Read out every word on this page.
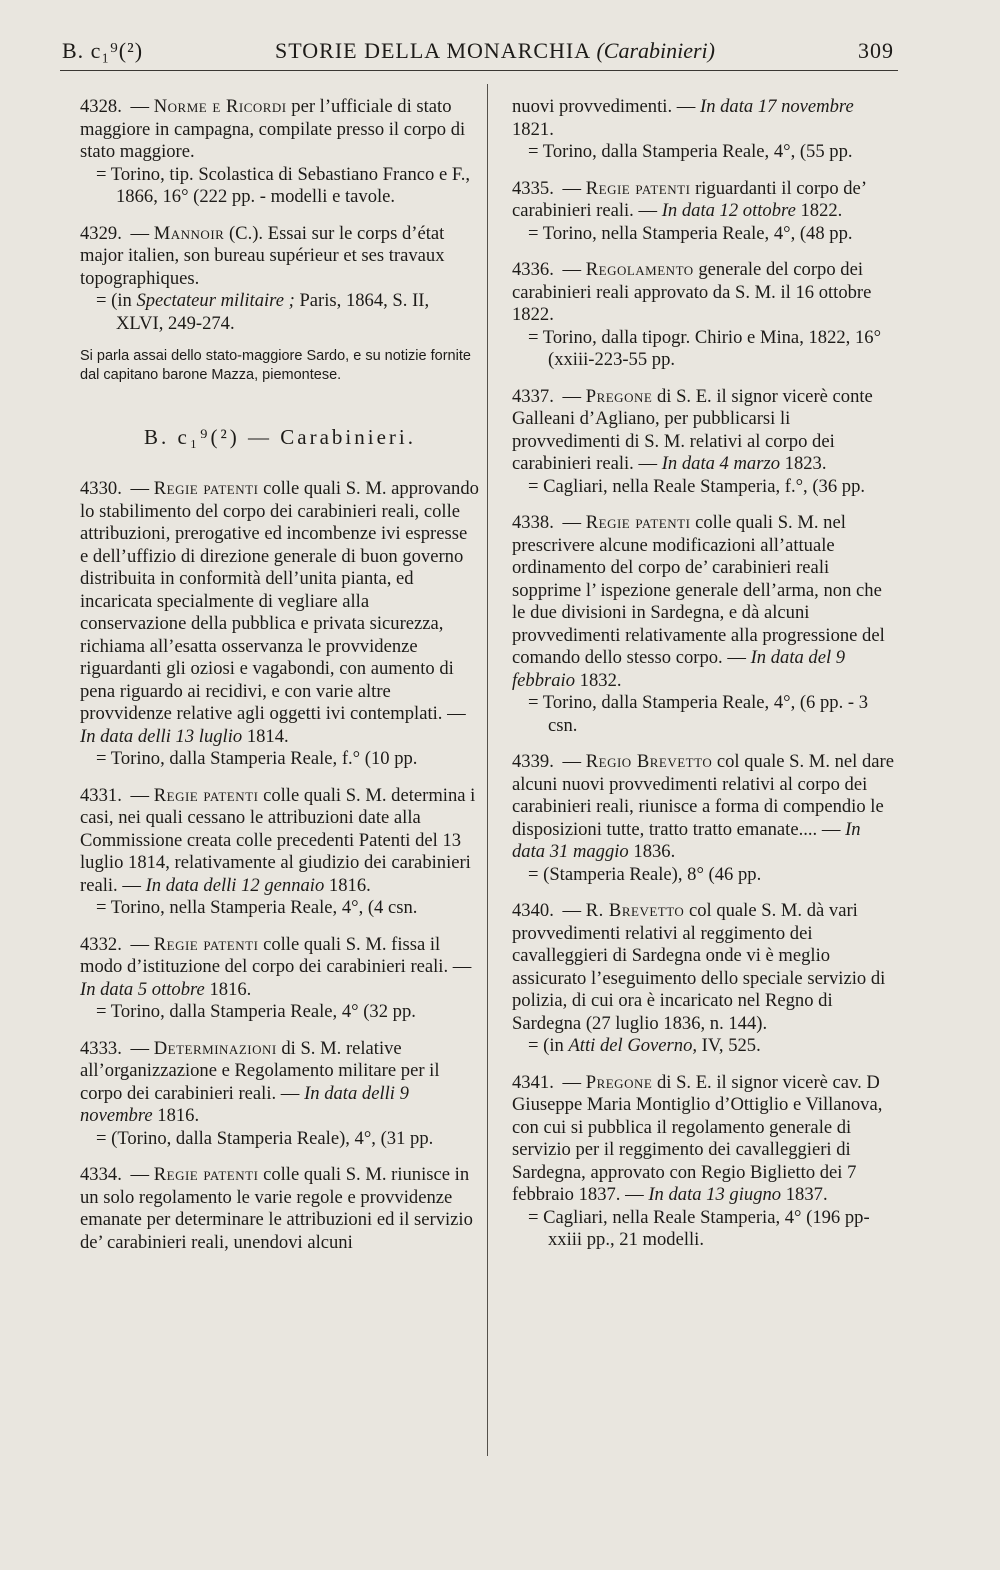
B. c₁⁹(²)	STORIE DELLA MONARCHIA (Carabinieri)	309

4328. — Norme e Ricordi per l’ufficiale di stato maggiore in campagna, compilate presso il corpo di stato maggiore.

= Torino, tip. Scolastica di Sebastiano Franco e F., 1866, 16° (222 pp. - modelli e tavole.

4329. — Mannoir (C.). Essai sur le corps d’état major italien, son bureau supérieur et ses travaux topographiques.

= (in Spectateur militaire ; Paris, 1864, S. II, XLVI, 249-274.

Si parla assai dello stato-maggiore Sardo, e su notizie fornite dal capitano barone Mazza, piemontese.

B. c₁⁹(²) — Carabinieri.

4330. — Regie patenti colle quali S. M. approvando lo stabilimento del corpo dei carabinieri reali, colle attribuzioni, prerogative ed incombenze ivi espresse e dell’uffizio di direzione generale di buon governo distribuita in conformità dell’unita pianta, ed incaricata specialmente di vegliare alla conservazione della pubblica e privata sicurezza, richiama all’esatta osservanza le provvidenze riguardanti gli oziosi e vagabondi, con aumento di pena riguardo ai recidivi, e con varie altre provvidenze relative agli oggetti ivi contemplati. — In data delli 13 luglio 1814.

= Torino, dalla Stamperia Reale, f.° (10 pp.

4331. — Regie patenti colle quali S. M. determina i casi, nei quali cessano le attribuzioni date alla Commissione creata colle precedenti Patenti del 13 luglio 1814, relativamente al giudizio dei carabinieri reali. — In data delli 12 gennaio 1816.

= Torino, nella Stamperia Reale, 4°, (4 csn.

4332. — Regie patenti colle quali S. M. fissa il modo d’istituzione del corpo dei carabinieri reali. — In data 5 ottobre 1816.

= Torino, dalla Stamperia Reale, 4° (32 pp.

4333. — Determinazioni di S. M. relative all’organizzazione e Regolamento militare per il corpo dei carabinieri reali. — In data delli 9 novembre 1816.

= (Torino, dalla Stamperia Reale), 4°, (31 pp.

4334. — Regie patenti colle quali S. M. riunisce in un solo regolamento le varie regole e provvidenze emanate per determinare le attribuzioni ed il servizio de’ carabinieri reali, unendovi alcuni

nuovi provvedimenti. — In data 17 novembre 1821.

= Torino, dalla Stamperia Reale, 4°, (55 pp.

4335. — Regie patenti riguardanti il corpo de’ carabinieri reali. — In data 12 ottobre 1822.

= Torino, nella Stamperia Reale, 4°, (48 pp.

4336. — Regolamento generale del corpo dei carabinieri reali approvato da S. M. il 16 ottobre 1822.

= Torino, dalla tipogr. Chirio e Mina, 1822, 16° (xxiii-223-55 pp.

4337. — Pregone di S. E. il signor vicerè conte Galleani d’Agliano, per pubblicarsi li provvedimenti di S. M. relativi al corpo dei carabinieri reali. — In data 4 marzo 1823.

= Cagliari, nella Reale Stamperia, f.°, (36 pp.

4338. — Regie patenti colle quali S. M. nel prescrivere alcune modificazioni all’attuale ordinamento del corpo de’ carabinieri reali sopprime l’ ispezione generale dell’arma, non che le due divisioni in Sardegna, e dà alcuni provvedimenti relativamente alla progressione del comando dello stesso corpo. — In data del 9 febbraio 1832.

= Torino, dalla Stamperia Reale, 4°, (6 pp. - 3 csn.

4339. — Regio Brevetto col quale S. M. nel dare alcuni nuovi provvedimenti relativi al corpo dei carabinieri reali, riunisce a forma di compendio le disposizioni tutte, tratto tratto emanate.... — In data 31 maggio 1836.

= (Stamperia Reale), 8° (46 pp.

4340. — R. Brevetto col quale S. M. dà vari provvedimenti relativi al reggimento dei cavalleggieri di Sardegna onde vi è meglio assicurato l’eseguimento dello speciale servizio di polizia, di cui ora è incaricato nel Regno di Sardegna (27 luglio 1836, n. 144).

= (in Atti del Governo, IV, 525.

4341. — Pregone di S. E. il signor vicerè cav. D Giuseppe Maria Montiglio d’Ottiglio e Villanova, con cui si pubblica il regolamento generale di servizio per il reggimento dei cavalleggieri di Sardegna, approvato con Regio Biglietto dei 7 febbraio 1837. — In data 13 giugno 1837.

= Cagliari, nella Reale Stamperia, 4° (196 pp-xxiii pp., 21 modelli.
